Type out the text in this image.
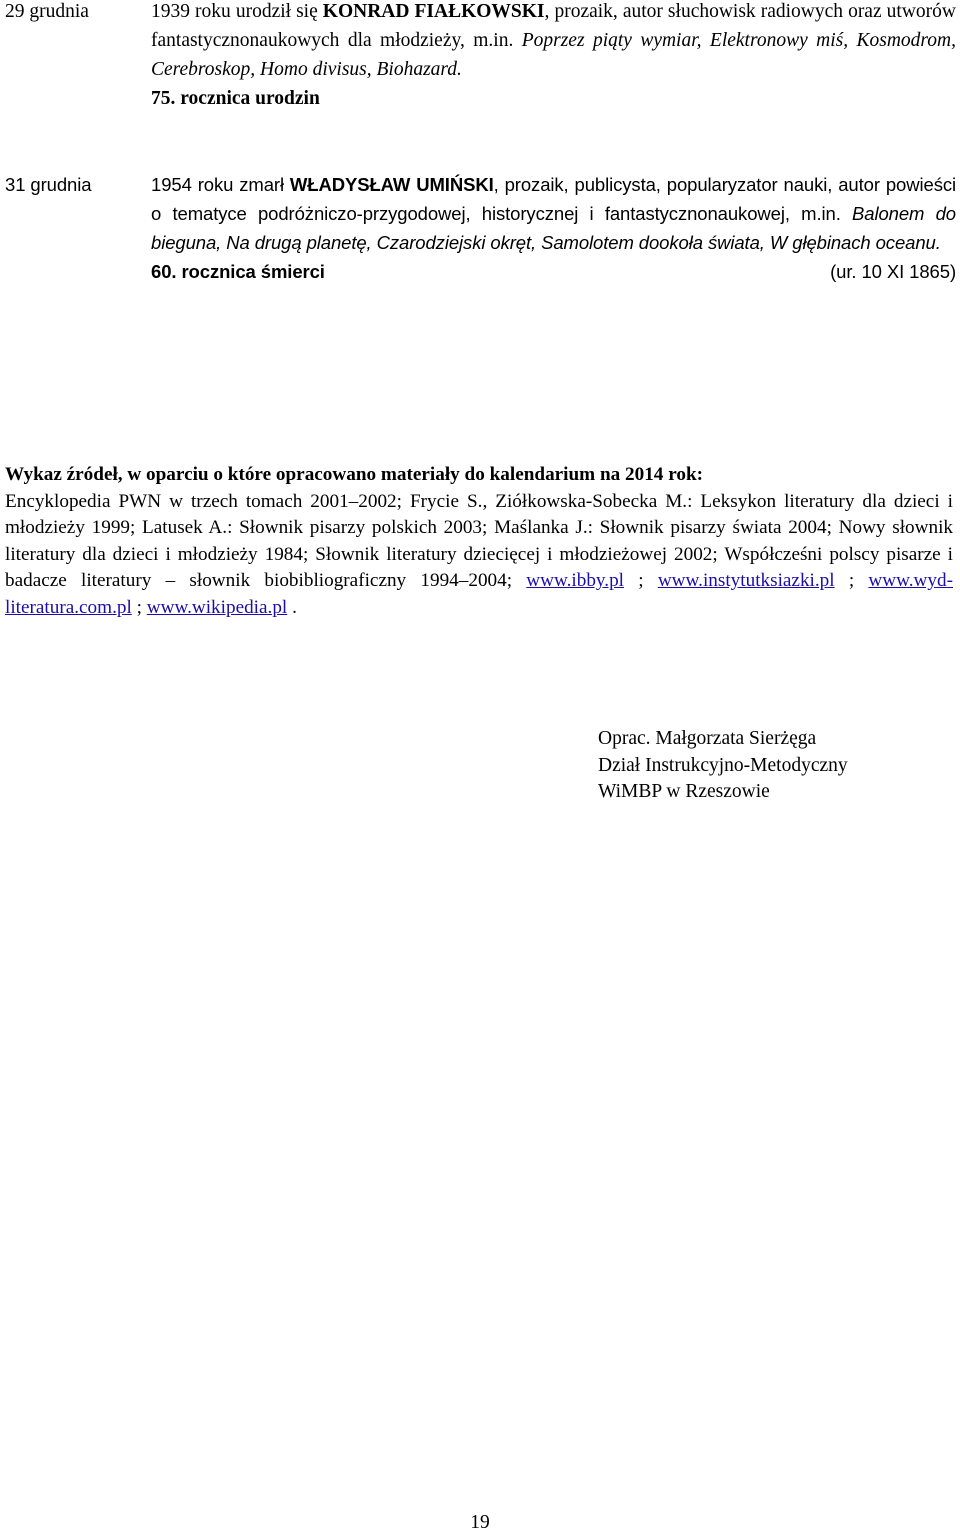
29 grudnia	1939 roku urodził się KONRAD FIAŁKOWSKI, prozaik, autor słuchowisk radiowych oraz utworów fantastycznonaukowych dla młodzieży, m.in. Poprzez piąty wymiar, Elektronowy miś, Kosmodrom, Cerebroskop, Homo divisus, Biohazard.
75. rocznica urodzin
31 grudnia	1954 roku zmarł WŁADYSŁAW UMIŃSKI, prozaik, publicysta, popularyzator nauki, autor powieści o tematyce podróżniczo-przygodowej, historycznej i fantastycznonaukowej, m.in. Balonem do bieguna, Na drugą planetę, Czarodziejski okręt, Samolotem dookoła świata, W głębinach oceanu.
60. rocznica śmierci	(ur. 10 XI 1865)
Wykaz źródeł, w oparciu o które opracowano materiały do kalendarium na 2014 rok:
Encyklopedia PWN w trzech tomach 2001–2002; Frycie S., Ziółkowska-Sobecka M.: Leksykon literatury dla dzieci i młodzieży 1999; Latusek A.: Słownik pisarzy polskich 2003; Maślanka J.: Słownik pisarzy świata 2004; Nowy słownik literatury dla dzieci i młodzieży 1984; Słownik literatury dziecięcej i młodzieżowej 2002; Współcześni polscy pisarze i badacze literatury – słownik biobibliograficzny 1994–2004; www.ibby.pl ; www.instytutksiazki.pl ; www.wyd-literatura.com.pl ; www.wikipedia.pl .
Oprac. Małgorzata Sierżęga
Dział Instrukcyjno-Metodyczny
WiMBP w Rzeszowie
19
